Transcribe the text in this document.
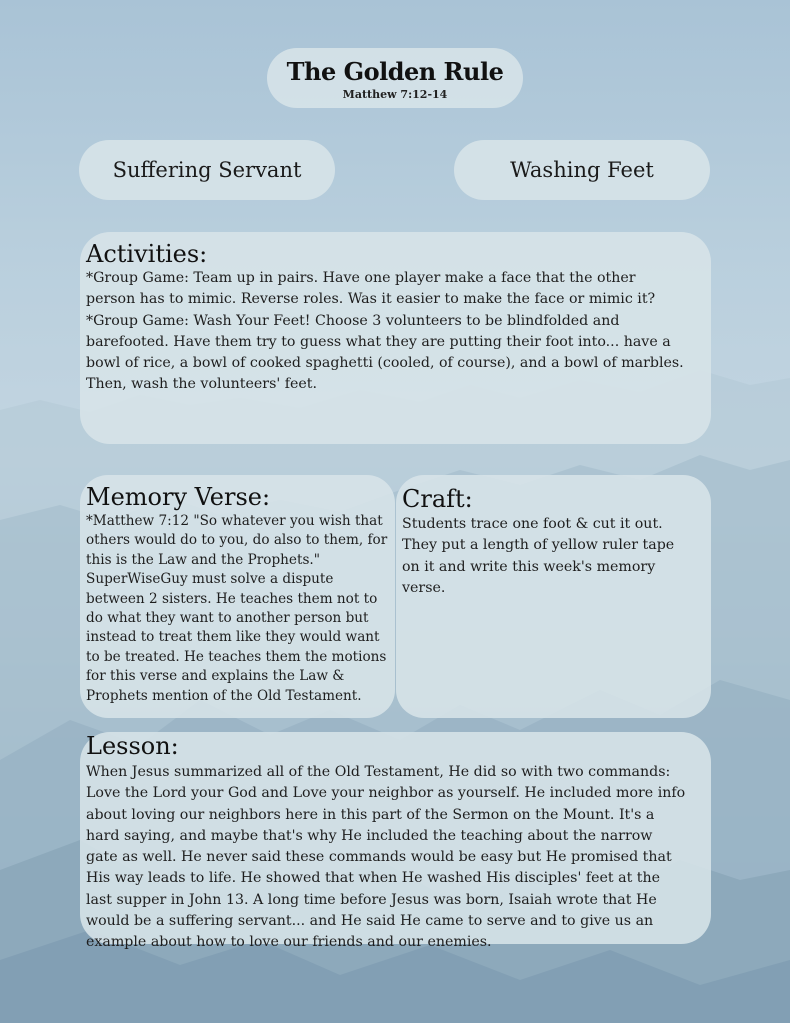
The Golden Rule
Matthew 7:12-14
Suffering Servant	Washing Feet
Activities:
*Group Game: Team up in pairs. Have one player make a face that the other
person has to mimic. Reverse roles. Was it easier to make the face or mimic it?
*Group Game: Wash Your Feet! Choose 3 volunteers to be blindfolded and
barefooted. Have them try to guess what they are putting their foot into... have a
bowl of rice, a bowl of cooked spaghetti (cooled, of course), and a bowl of marbles.
Then, wash the volunteers' feet.
Memory Verse:
*Matthew 7:12 "So whatever you wish that
others would do to you, do also to them, for
this is the Law and the Prophets."
SuperWiseGuy must solve a dispute
between 2 sisters. He teaches them not to
do what they want to another person but
instead to treat them like they would want
to be treated. He teaches them the motions
for this verse and explains the Law &
Prophets mention of the Old Testament.
Craft:
Students trace one foot & cut it out.
They put a length of yellow ruler tape
on it and write this week's memory
verse.
Lesson:
When Jesus summarized all of the Old Testament, He did so with two commands:
Love the Lord your God and Love your neighbor as yourself. He included more info
about loving our neighbors here in this part of the Sermon on the Mount. It's a
hard saying, and maybe that's why He included the teaching about the narrow
gate as well. He never said these commands would be easy but He promised that
His way leads to life. He showed that when He washed His disciples' feet at the
last supper in John 13. A long time before Jesus was born, Isaiah wrote that He
would be a suffering servant... and He said He came to serve and to give us an
example about how to love our friends and our enemies.
